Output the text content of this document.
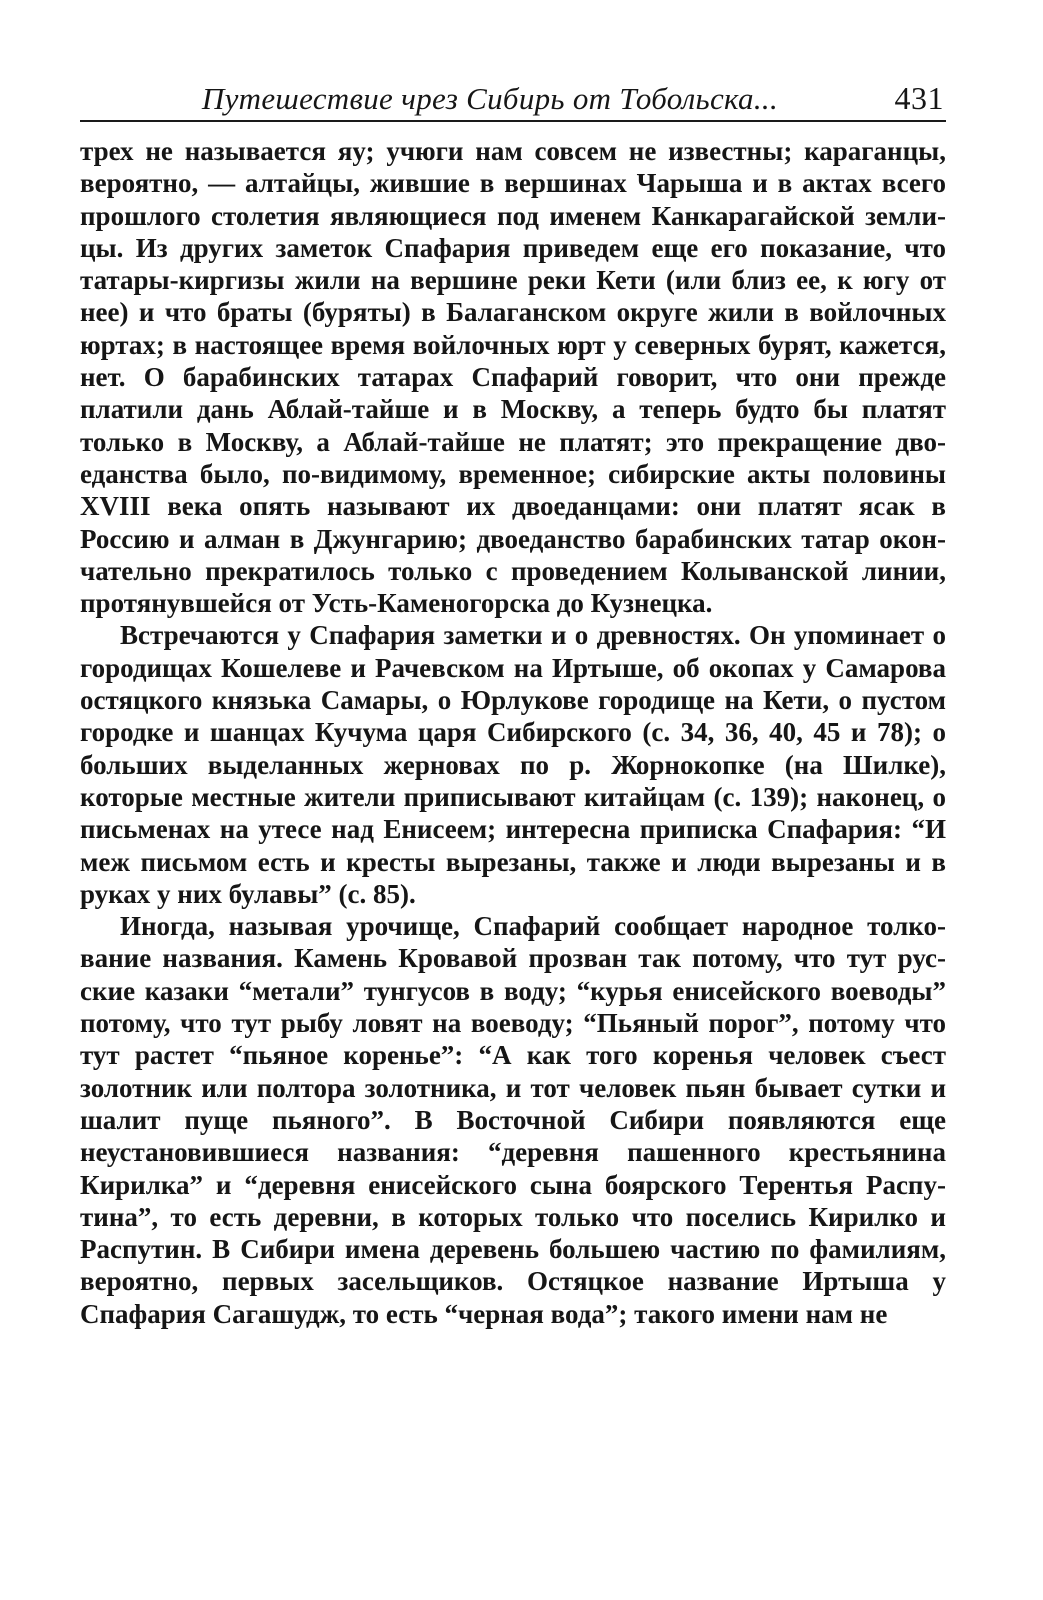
Путешествие чрез Сибирь от Тобольска...	431

трех не называется яу; учюги нам совсем не известны; караганцы, вероятно, — алтайцы, жившие в вершинах Чарыша и в актах всего прошлого столетия являющиеся под именем Канкарагайской землицы. Из других заметок Спафария приведем еще его показание, что татары-киргизы жили на вершине реки Кети (или близ ее, к югу от нее) и что браты (буряты) в Балаганском округе жили в войлочных юртах; в настоящее время войлочных юрт у северных бурят, кажется, нет. О барабинских татарах Спафарий говорит, что они прежде платили дань Аблай-тайше и в Москву, а теперь будто бы платят только в Москву, а Аблай-тайше не платят; это прекращение двоеданства было, по-видимому, временное; сибирские акты половины XVIII века опять называют их двоеданцами: они платят ясак в Россию и алман в Джунгарию; двоеданство барабинских татар окончательно прекратилось только с проведением Колыванской линии, протянувшейся от Усть-Каменогорска до Кузнецка.

Встречаются у Спафария заметки и о древностях. Он упоминает о городищах Кошелеве и Рачевском на Иртыше, об окопах у Самарова остяцкого князька Самары, о Юрлукове городище на Кети, о пустом городке и шанцах Кучума царя Сибирского (с. 34, 36, 40, 45 и 78); о больших выделанных жерновах по р. Жорнокопке (на Шилке), которые местные жители приписывают китайцам (с. 139); наконец, о письменах на утесе над Енисеем; интересна приписка Спафария: “И меж письмом есть и кресты вырезаны, также и люди вырезаны и в руках у них булавы” (с. 85).

Иногда, называя урочище, Спафарий сообщает народное толкование названия. Камень Кровавой прозван так потому, что тут русские казаки “метали” тунгусов в воду; “курья енисейского воеводы” потому, что тут рыбу ловят на воеводу; “Пьяный порог”, потому что тут растет “пьяное коренье”: “А как того коренья человек съест золотник или полтора золотника, и тот человек пьян бывает сутки и шалит пуще пьяного”. В Восточной Сибири появляются еще неустановившиеся названия: “деревня пашенного крестьянина Кирилка” и “деревня енисейского сына боярского Терентья Распутина”, то есть деревни, в которых только что поселись Кирилко и Распутин. В Сибири имена деревень большею частию по фамилиям, вероятно, первых засельщиков. Остяцкое название Иртыша у Спафария Сагашудж, то есть “черная вода”; такого имени нам не
